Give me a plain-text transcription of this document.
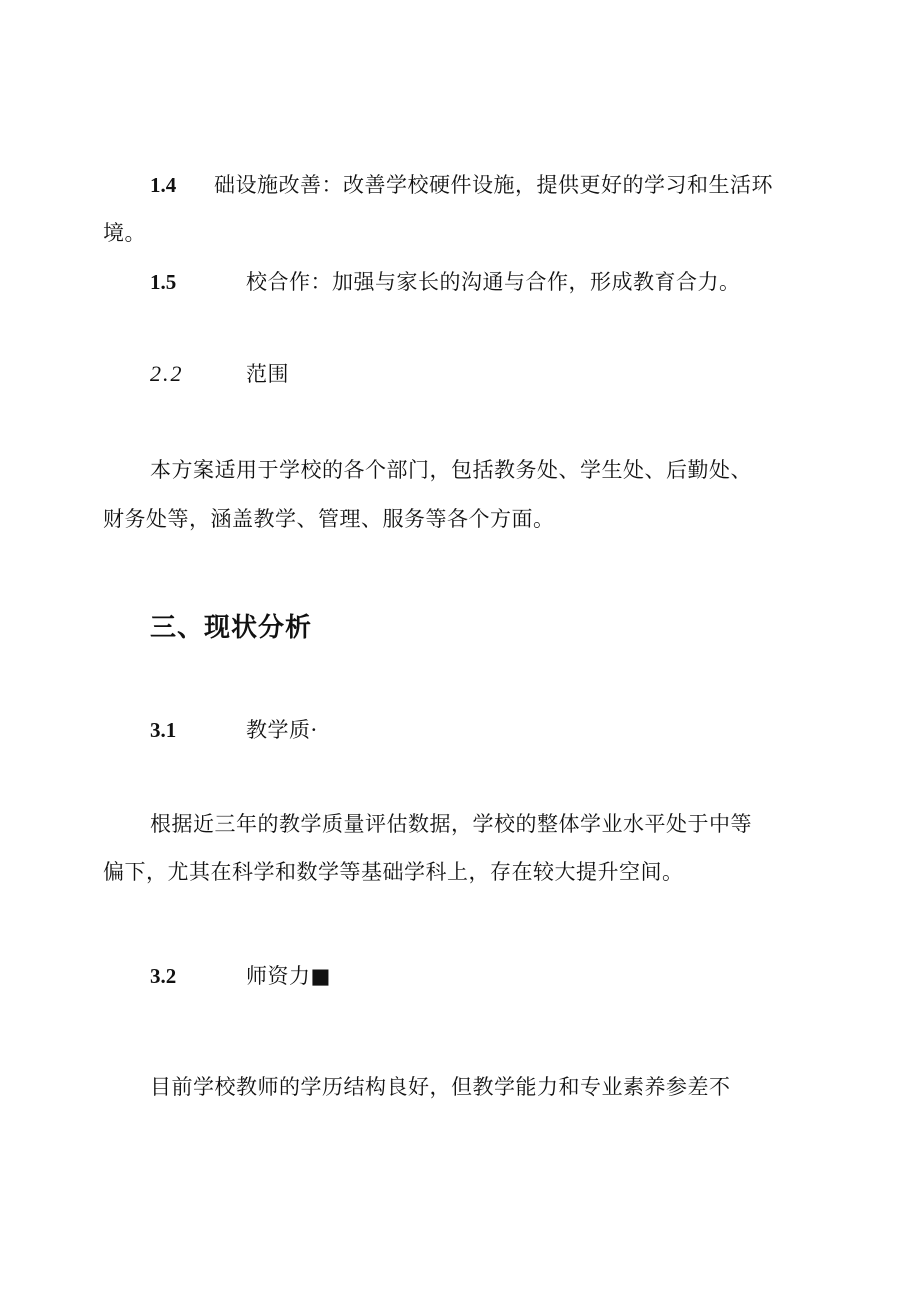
1.4 础设施改善：改善学校硬件设施，提供更好的学习和生活环
境。
1.5	校合作：加强与家长的沟通与合作，形成教育合力。
2.2	范围
本方案适用于学校的各个部门，包括教务处、学生处、后勤处、
财务处等，涵盖教学、管理、服务等各个方面。
三、现状分析
3.1	教学质·
根据近三年的教学质量评估数据，学校的整体学业水平处于中等
偏下，尤其在科学和数学等基础学科上，存在较大提升空间。
3.2	师资力■
目前学校教师的学历结构良好，但教学能力和专业素养参差不
